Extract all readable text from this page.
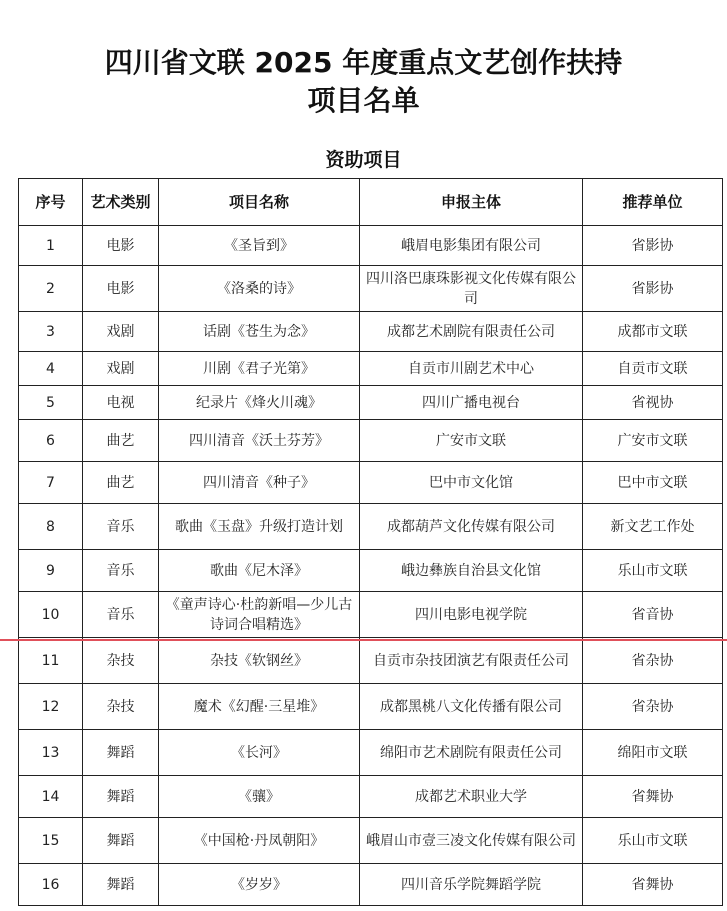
四川省文联 2025 年度重点文艺创作扶持
项目名单
资助项目
序号	艺术类别	项目名称	申报主体	推荐单位
1	电影	《圣旨到》	峨眉电影集团有限公司	省影协
2	电影	《洛桑的诗》	四川洛巴康珠影视文化传媒有限公司	省影协
3	戏剧	话剧《苍生为念》	成都艺术剧院有限责任公司	成都市文联
4	戏剧	川剧《君子光第》	自贡市川剧艺术中心	自贡市文联
5	电视	纪录片《烽火川魂》	四川广播电视台	省视协
6	曲艺	四川清音《沃土芬芳》	广安市文联	广安市文联
7	曲艺	四川清音《种子》	巴中市文化馆	巴中市文联
8	音乐	歌曲《玉盘》升级打造计划	成都葫芦文化传媒有限公司	新文艺工作处
9	音乐	歌曲《尼木泽》	峨边彝族自治县文化馆	乐山市文联
10	音乐	《童声诗心·杜韵新唱—少儿古诗词合唱精选》	四川电影电视学院	省音协
11	杂技	杂技《软钢丝》	自贡市杂技团演艺有限责任公司	省杂协
12	杂技	魔术《幻醒·三星堆》	成都黑桃八文化传播有限公司	省杂协
13	舞蹈	《长河》	绵阳市艺术剧院有限责任公司	绵阳市文联
14	舞蹈	《骧》	成都艺术职业大学	省舞协
15	舞蹈	《中国枪·丹凤朝阳》	峨眉山市壹三凌文化传媒有限公司	乐山市文联
16	舞蹈	《岁岁》	四川音乐学院舞蹈学院	省舞协
